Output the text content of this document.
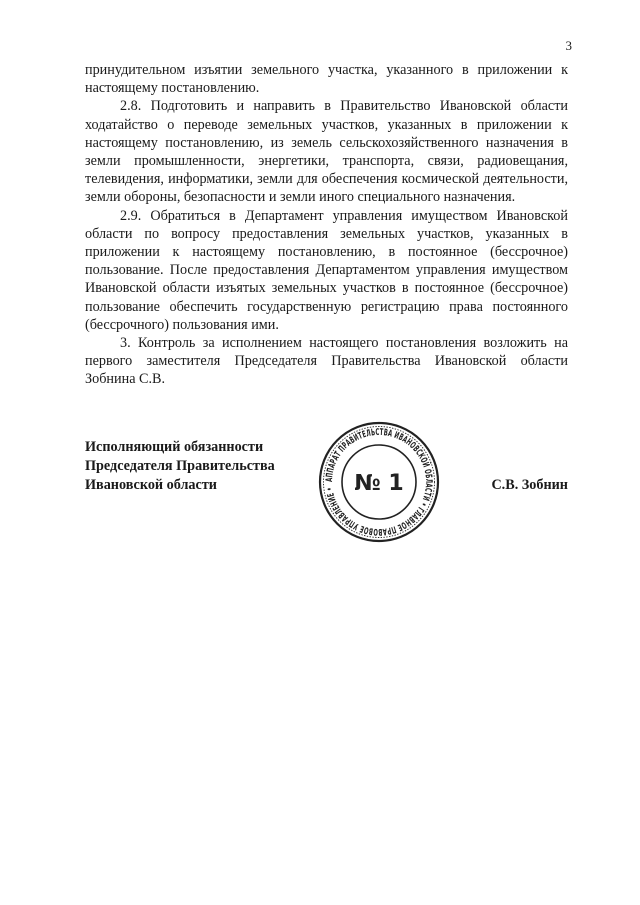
3

принудительном изъятии земельного участка, указанного в приложении к настоящему постановлению.

2.8. Подготовить и направить в Правительство Ивановской области ходатайство о переводе земельных участков, указанных в приложении к настоящему постановлению, из земель сельскохозяйственного назначения в земли промышленности, энергетики, транспорта, связи, радиовещания, телевидения, информатики, земли для обеспечения космической деятельности, земли обороны, безопасности и земли иного специального назначения.

2.9. Обратиться в Департамент управления имуществом Ивановской области по вопросу предоставления земельных участков, указанных в приложении к настоящему постановлению, в постоянное (бессрочное) пользование. После предоставления Департаментом управления имуществом Ивановской области изъятых земельных участков в постоянное (бессрочное) пользование обеспечить государственную регистрацию права постоянного (бессрочного) пользования ими.

3. Контроль за исполнением настоящего постановления возложить на первого заместителя Председателя Правительства Ивановской области Зобнина С.В.

Исполняющий обязанности
Председателя Правительства
Ивановской области	АППАРАТ ПРАВИТЕЛЬСТВА ИВАНОВСКОЙ ОБЛАСТИ • ГЛАВНОЕ ПРАВОВОЕ УПРАВЛЕНИЕ • № 1	С.В. Зобнин
